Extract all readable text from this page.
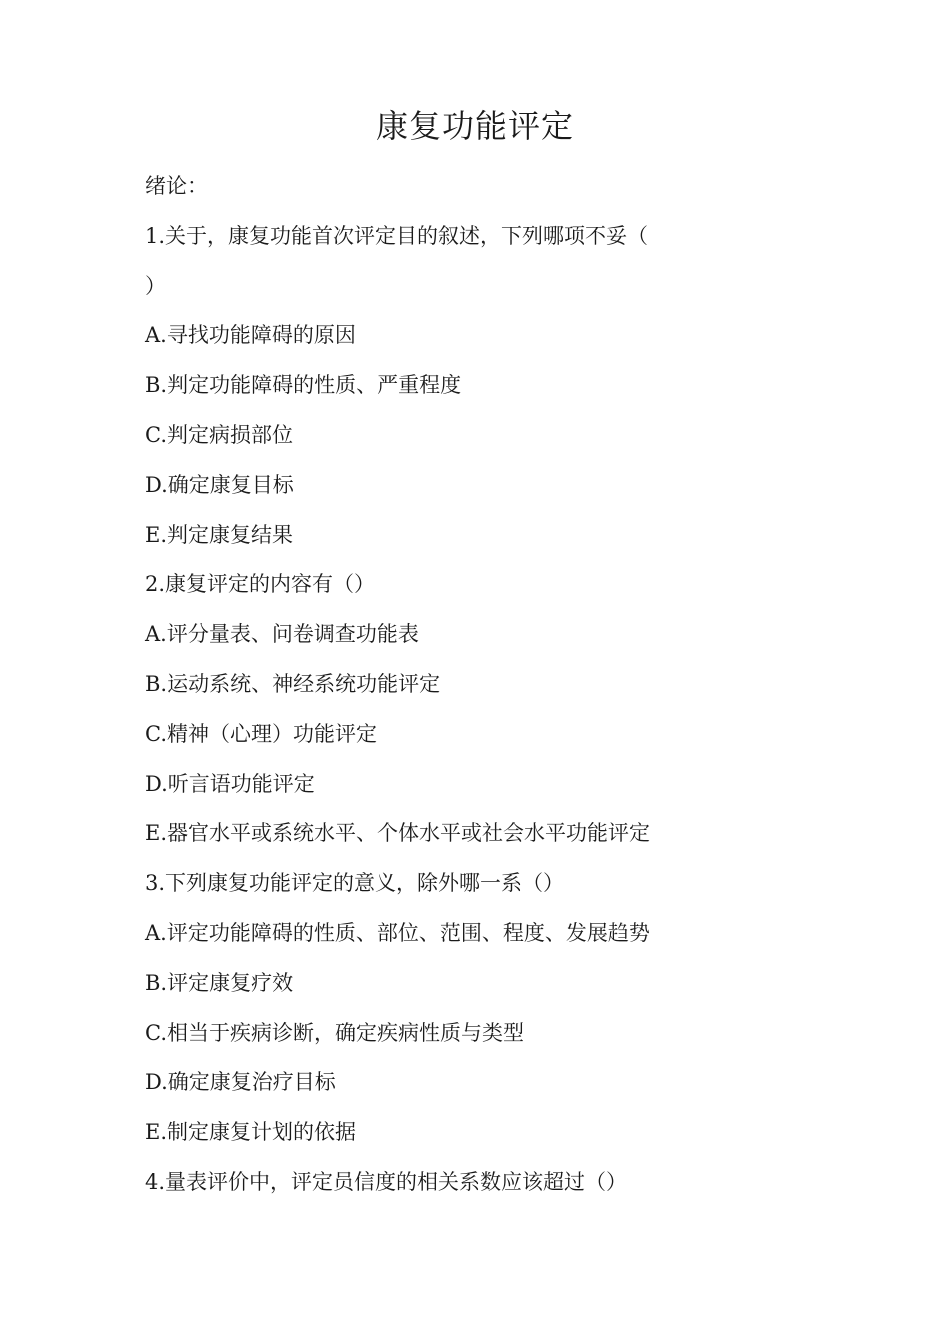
康复功能评定
绪论：
1.关于，康复功能首次评定目的叙述，下列哪项不妥（
）
A.寻找功能障碍的原因
B.判定功能障碍的性质、严重程度
C.判定病损部位
D.确定康复目标
E.判定康复结果
2.康复评定的内容有（）
A.评分量表、问卷调查功能表
B.运动系统、神经系统功能评定
C.精神（心理）功能评定
D.听言语功能评定
E.器官水平或系统水平、个体水平或社会水平功能评定
3.下列康复功能评定的意义，除外哪一系（）
A.评定功能障碍的性质、部位、范围、程度、发展趋势
B.评定康复疗效
C.相当于疾病诊断，确定疾病性质与类型
D.确定康复治疗目标
E.制定康复计划的依据
4.量表评价中，评定员信度的相关系数应该超过（）
